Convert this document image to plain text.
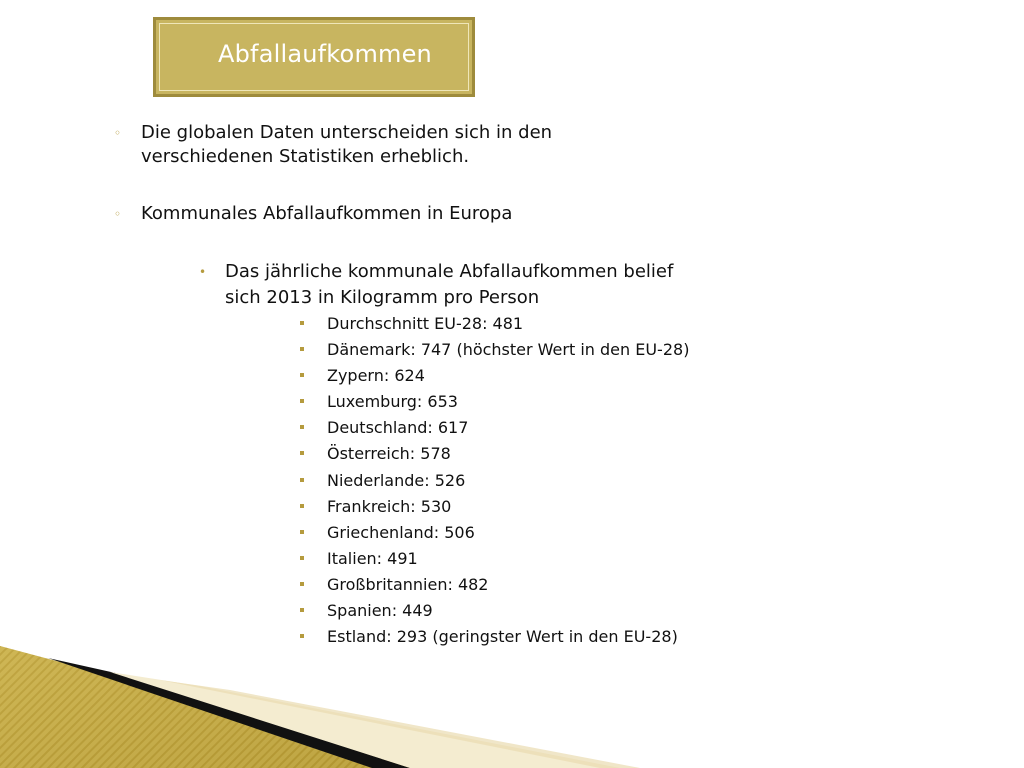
Abfallaufkommen
◦ Die globalen Daten unterscheiden sich in den
verschiedenen Statistiken erheblich.
◦ Kommunales Abfallaufkommen in Europa
• Das jährliche kommunale Abfallaufkommen belief
sich 2013 in Kilogramm pro Person
Durchschnitt EU-28: 481
Dänemark: 747 (höchster Wert in den EU-28)
Zypern: 624
Luxemburg: 653
Deutschland: 617
Österreich: 578
Niederlande: 526
Frankreich: 530
Griechenland: 506
Italien: 491
Großbritannien: 482
Spanien: 449
Estland: 293 (geringster Wert in den EU-28)
